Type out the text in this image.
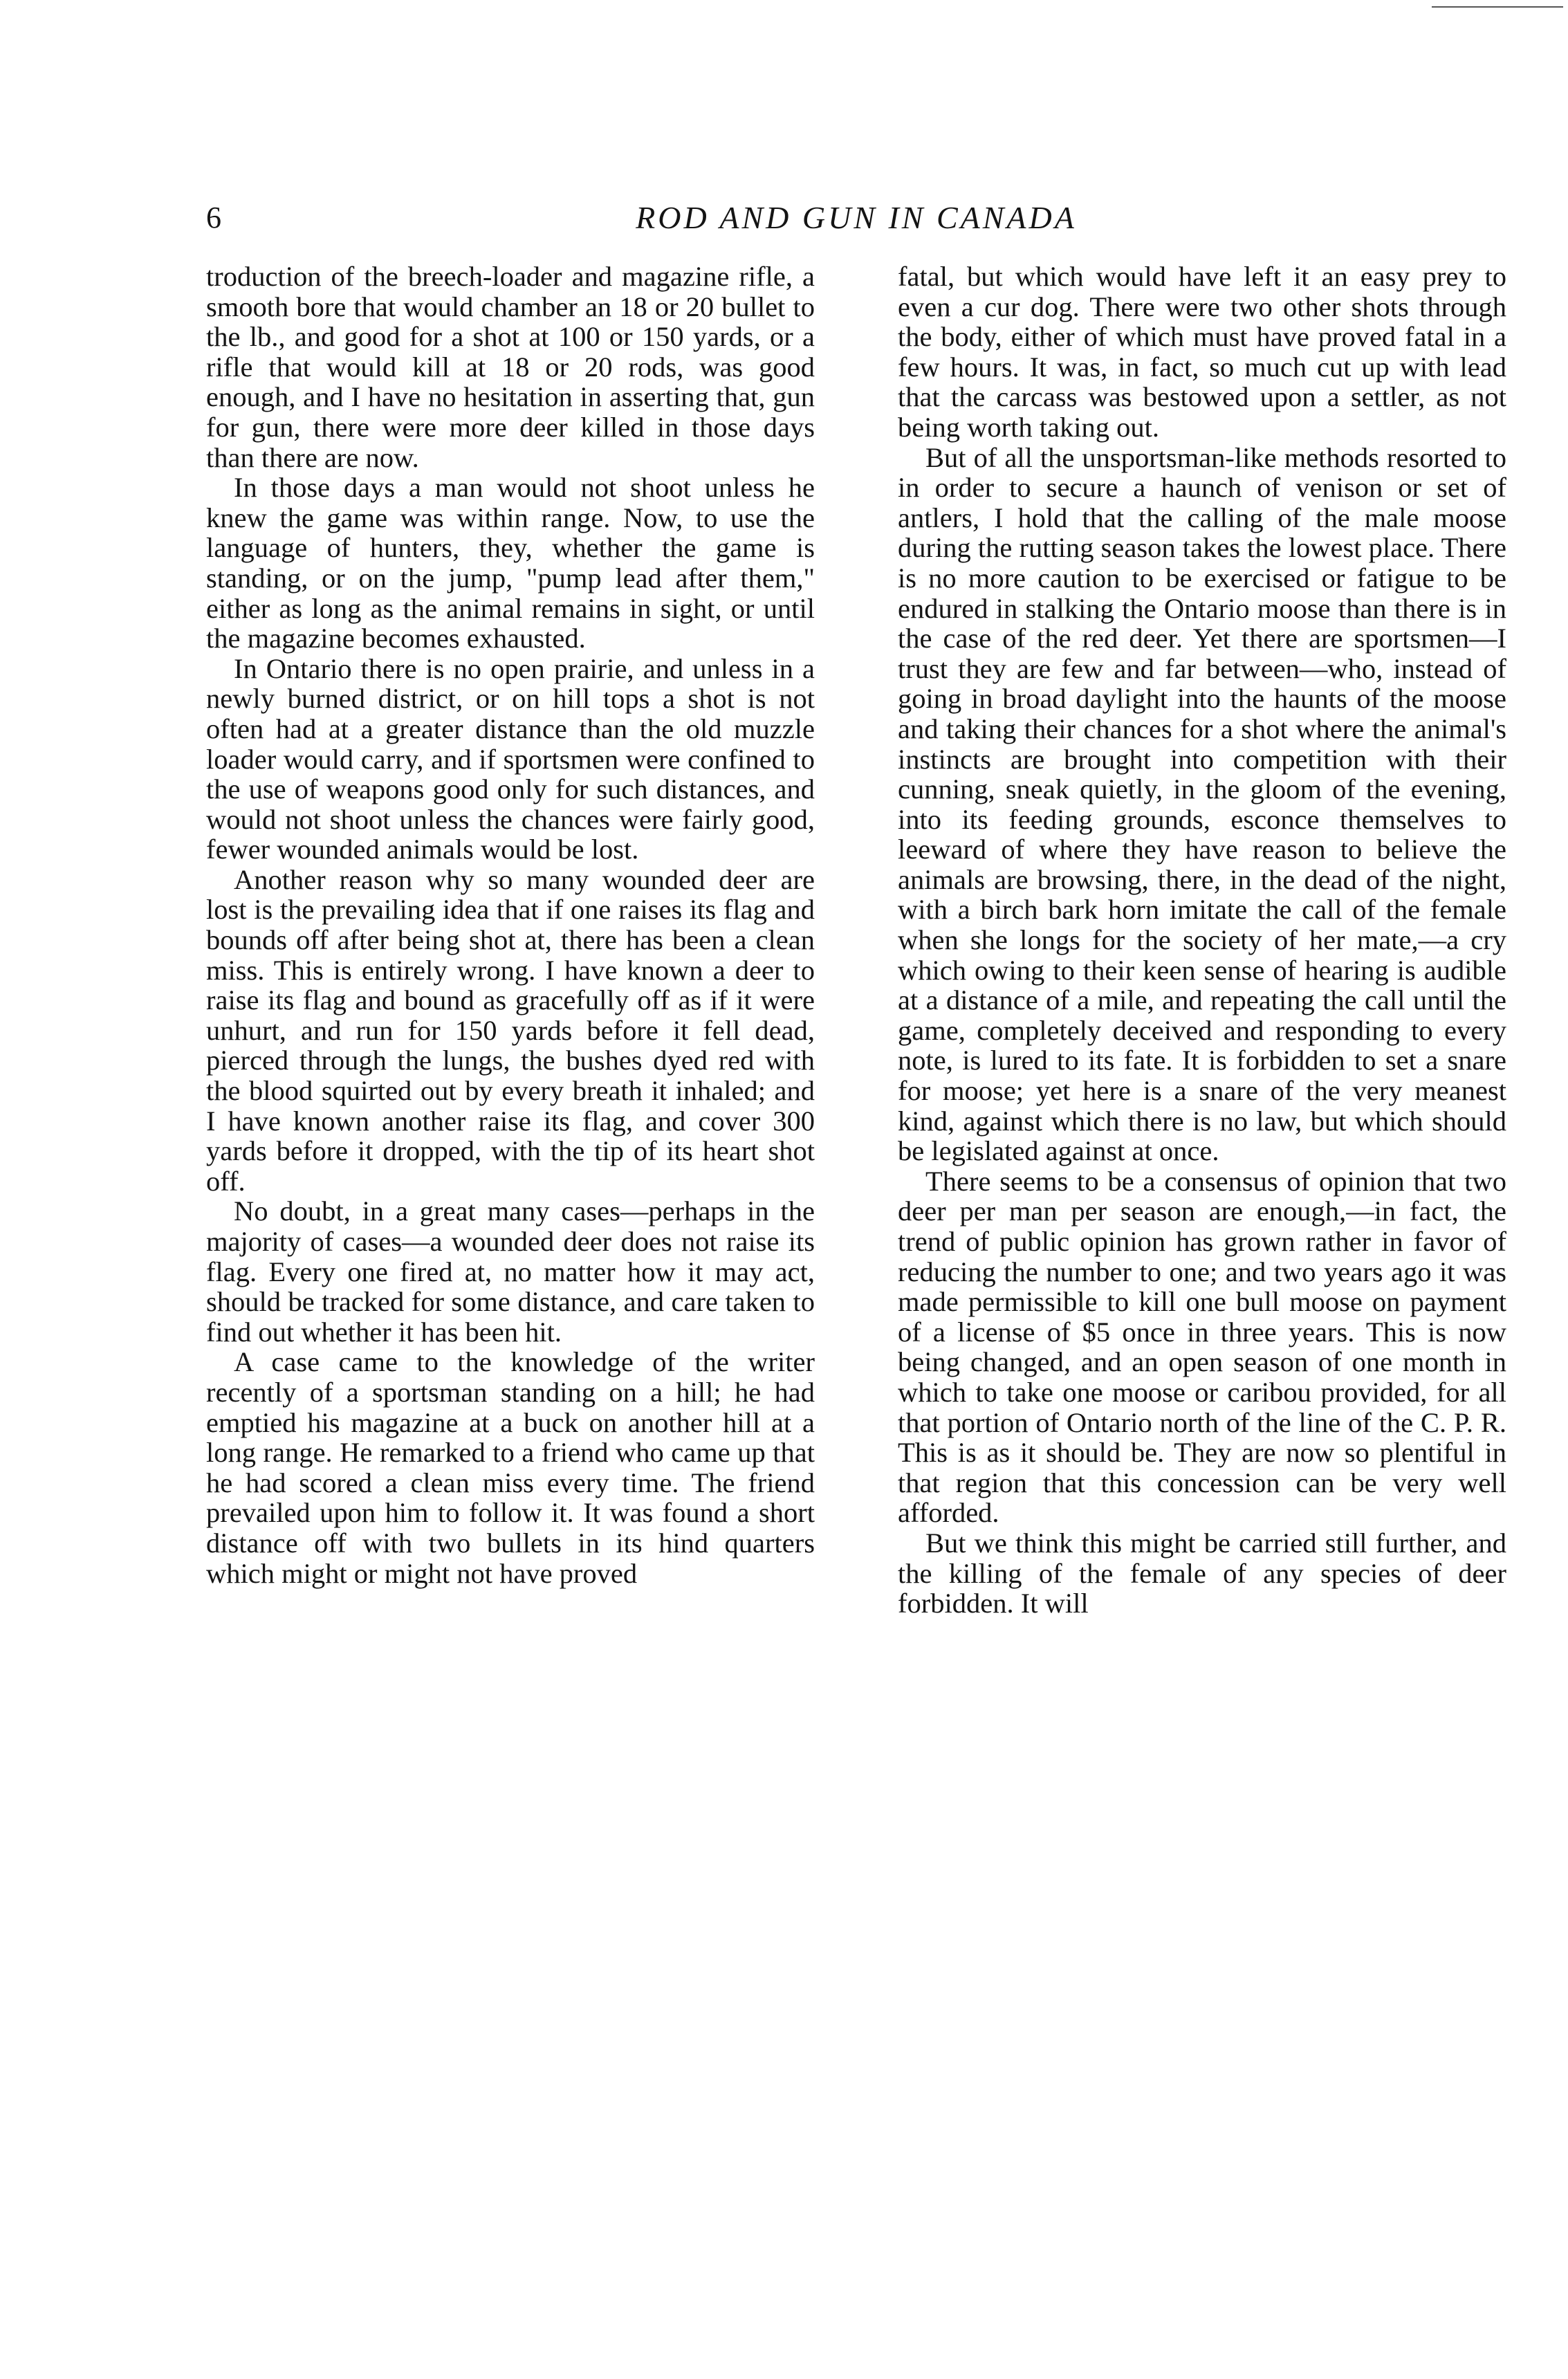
6	ROD AND GUN IN CANADA

troduction of the breech-loader and magazine rifle, a smooth bore that would chamber an 18 or 20 bullet to the lb., and good for a shot at 100 or 150 yards, or a rifle that would kill at 18 or 20 rods, was good enough, and I have no hesitation in asserting that, gun for gun, there were more deer killed in those days than there are now.

In those days a man would not shoot unless he knew the game was within range. Now, to use the language of hunters, they, whether the game is standing, or on the jump, "pump lead after them," either as long as the animal remains in sight, or until the magazine becomes exhausted.

In Ontario there is no open prairie, and unless in a newly burned district, or on hill tops a shot is not often had at a greater distance than the old muzzle loader would carry, and if sportsmen were confined to the use of weapons good only for such distances, and would not shoot unless the chances were fairly good, fewer wounded animals would be lost.

Another reason why so many wounded deer are lost is the prevailing idea that if one raises its flag and bounds off after being shot at, there has been a clean miss. This is entirely wrong. I have known a deer to raise its flag and bound as gracefully off as if it were unhurt, and run for 150 yards before it fell dead, pierced through the lungs, the bushes dyed red with the blood squirted out by every breath it inhaled; and I have known another raise its flag, and cover 300 yards before it dropped, with the tip of its heart shot off.

No doubt, in a great many cases—perhaps in the majority of cases—a wounded deer does not raise its flag. Every one fired at, no matter how it may act, should be tracked for some distance, and care taken to find out whether it has been hit.

A case came to the knowledge of the writer recently of a sportsman standing on a hill; he had emptied his magazine at a buck on another hill at a long range. He remarked to a friend who came up that he had scored a clean miss every time. The friend prevailed upon him to follow it. It was found a short distance off with two bullets in its hind quarters which might or might not have proved

fatal, but which would have left it an easy prey to even a cur dog. There were two other shots through the body, either of which must have proved fatal in a few hours. It was, in fact, so much cut up with lead that the carcass was bestowed upon a settler, as not being worth taking out.

But of all the unsportsman-like methods resorted to in order to secure a haunch of venison or set of antlers, I hold that the calling of the male moose during the rutting season takes the lowest place. There is no more caution to be exercised or fatigue to be endured in stalking the Ontario moose than there is in the case of the red deer. Yet there are sportsmen—I trust they are few and far between—who, instead of going in broad daylight into the haunts of the moose and taking their chances for a shot where the animal's instincts are brought into competition with their cunning, sneak quietly, in the gloom of the evening, into its feeding grounds, esconce themselves to leeward of where they have reason to believe the animals are browsing, there, in the dead of the night, with a birch bark horn imitate the call of the female when she longs for the society of her mate,—a cry which owing to their keen sense of hearing is audible at a distance of a mile, and repeating the call until the game, completely deceived and responding to every note, is lured to its fate. It is forbidden to set a snare for moose; yet here is a snare of the very meanest kind, against which there is no law, but which should be legislated against at once.

There seems to be a consensus of opinion that two deer per man per season are enough,—in fact, the trend of public opinion has grown rather in favor of reducing the number to one; and two years ago it was made permissible to kill one bull moose on payment of a license of $5 once in three years. This is now being changed, and an open season of one month in which to take one moose or caribou provided, for all that portion of Ontario north of the line of the C. P. R. This is as it should be. They are now so plentiful in that region that this concession can be very well afforded.

But we think this might be carried still further, and the killing of the female of any species of deer forbidden. It will
